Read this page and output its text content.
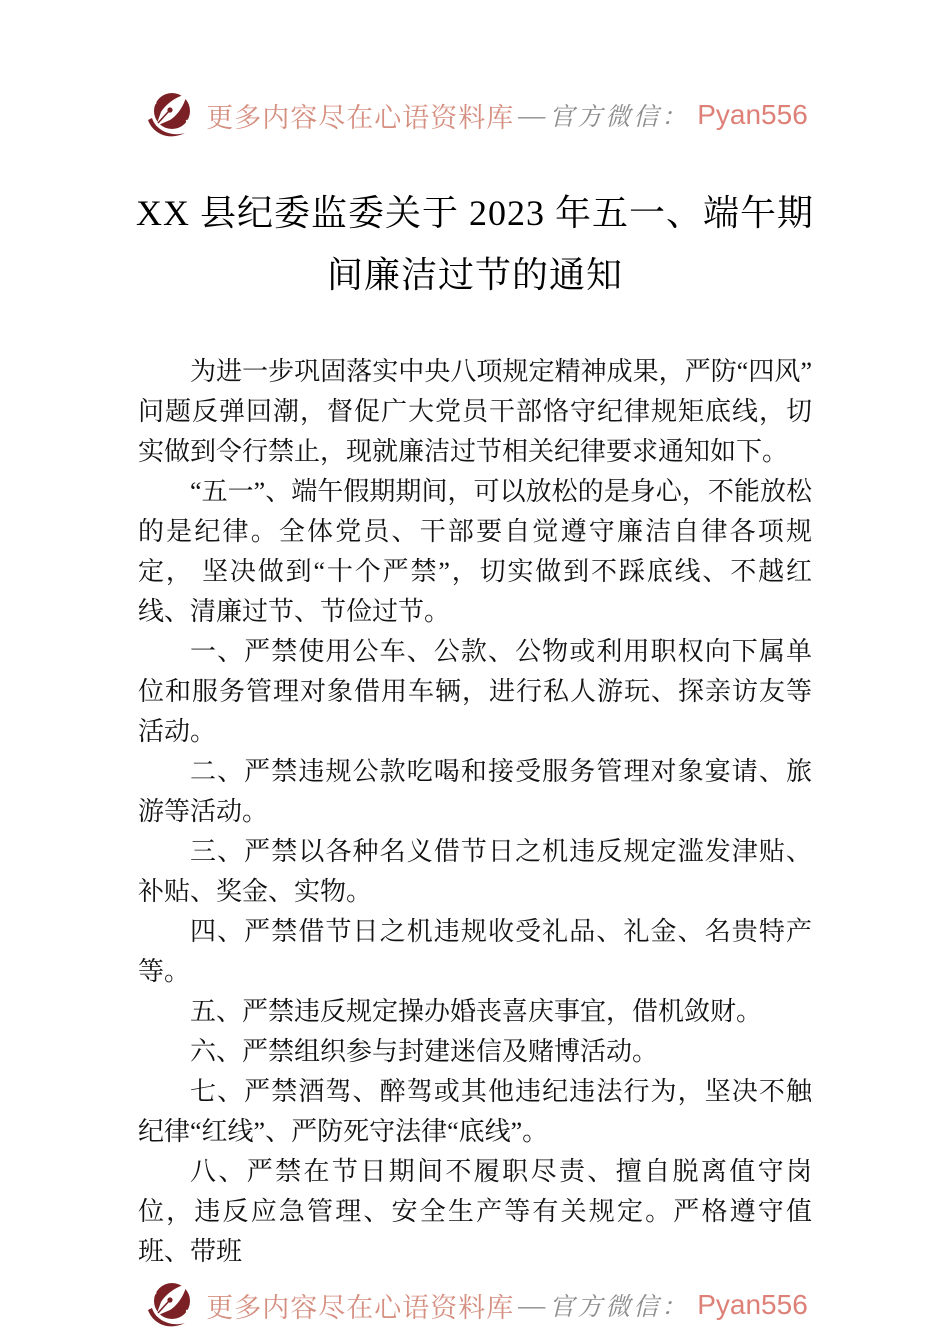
更多内容尽在心语资料库 — 官方微信： Pyan556
XX 县纪委监委关于 2023 年五一、端午期
间廉洁过节的通知

为进一步巩固落实中央八项规定精神成果，严防“四风”问题反弹回潮，督促广大党员干部恪守纪律规矩底线，切实做到令行禁止，现就廉洁过节相关纪律要求通知如下。

“五一”、端午假期期间，可以放松的是身心，不能放松的是纪律。全体党员、干部要自觉遵守廉洁自律各项规定， 坚决做到“十个严禁”，切实做到不踩底线、不越红线、清廉过节、节俭过节。

一、严禁使用公车、公款、公物或利用职权向下属单位和服务管理对象借用车辆，进行私人游玩、探亲访友等活动。

二、严禁违规公款吃喝和接受服务管理对象宴请、旅游等活动。

三、严禁以各种名义借节日之机违反规定滥发津贴、补贴、奖金、实物。

四、严禁借节日之机违规收受礼品、礼金、名贵特产等。

五、严禁违反规定操办婚丧喜庆事宜，借机敛财。

六、严禁组织参与封建迷信及赌博活动。

七、严禁酒驾、醉驾或其他违纪违法行为，坚决不触纪律“红线”、严防死守法律“底线”。

八、严禁在节日期间不履职尽责、擅自脱离值守岗位，违反应急管理、安全生产等有关规定。严格遵守值班、带班

更多内容尽在心语资料库 — 官方微信： Pyan556
